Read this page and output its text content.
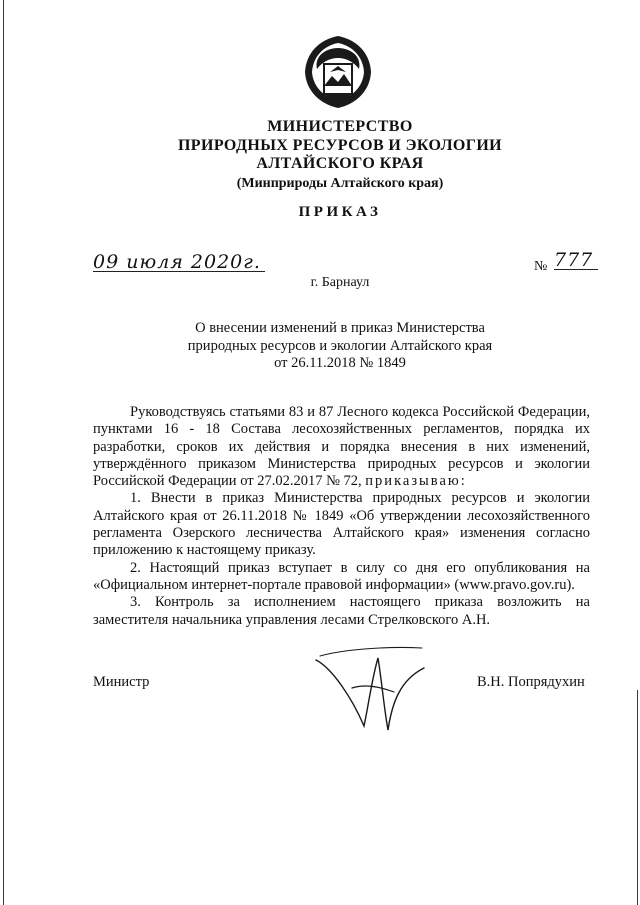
МИНИСТЕРСТВО
ПРИРОДНЫХ РЕСУРСОВ И ЭКОЛОГИИ
АЛТАЙСКОГО КРАЯ
(Минприроды Алтайского края)
ПРИКАЗ
09 июля 2020г.	№ 777
г. Барнаул
О внесении изменений в приказ Министерства
природных ресурсов и экологии Алтайского края
от 26.11.2018 № 1849

Руководствуясь статьями 83 и 87 Лесного кодекса Российской Федерации, пунктами 16 - 18 Состава лесохозяйственных регламентов, порядка их разработки, сроков их действия и порядка внесения в них изменений, утверждённого приказом Министерства природных ресурсов и экологии Российской Федерации от 27.02.2017 № 72, приказываю:

1. Внести в приказ Министерства природных ресурсов и экологии Алтайского края от 26.11.2018 № 1849 «Об утверждении лесохозяйственного регламента Озерского лесничества Алтайского края» изменения согласно приложению к настоящему приказу.

2. Настоящий приказ вступает в силу со дня его опубликования на «Официальном интернет-портале правовой информации» (www.pravo.gov.ru).

3. Контроль за исполнением настоящего приказа возложить на заместителя начальника управления лесами Стрелковского А.Н.

Министр	В.Н. Попрядухин
